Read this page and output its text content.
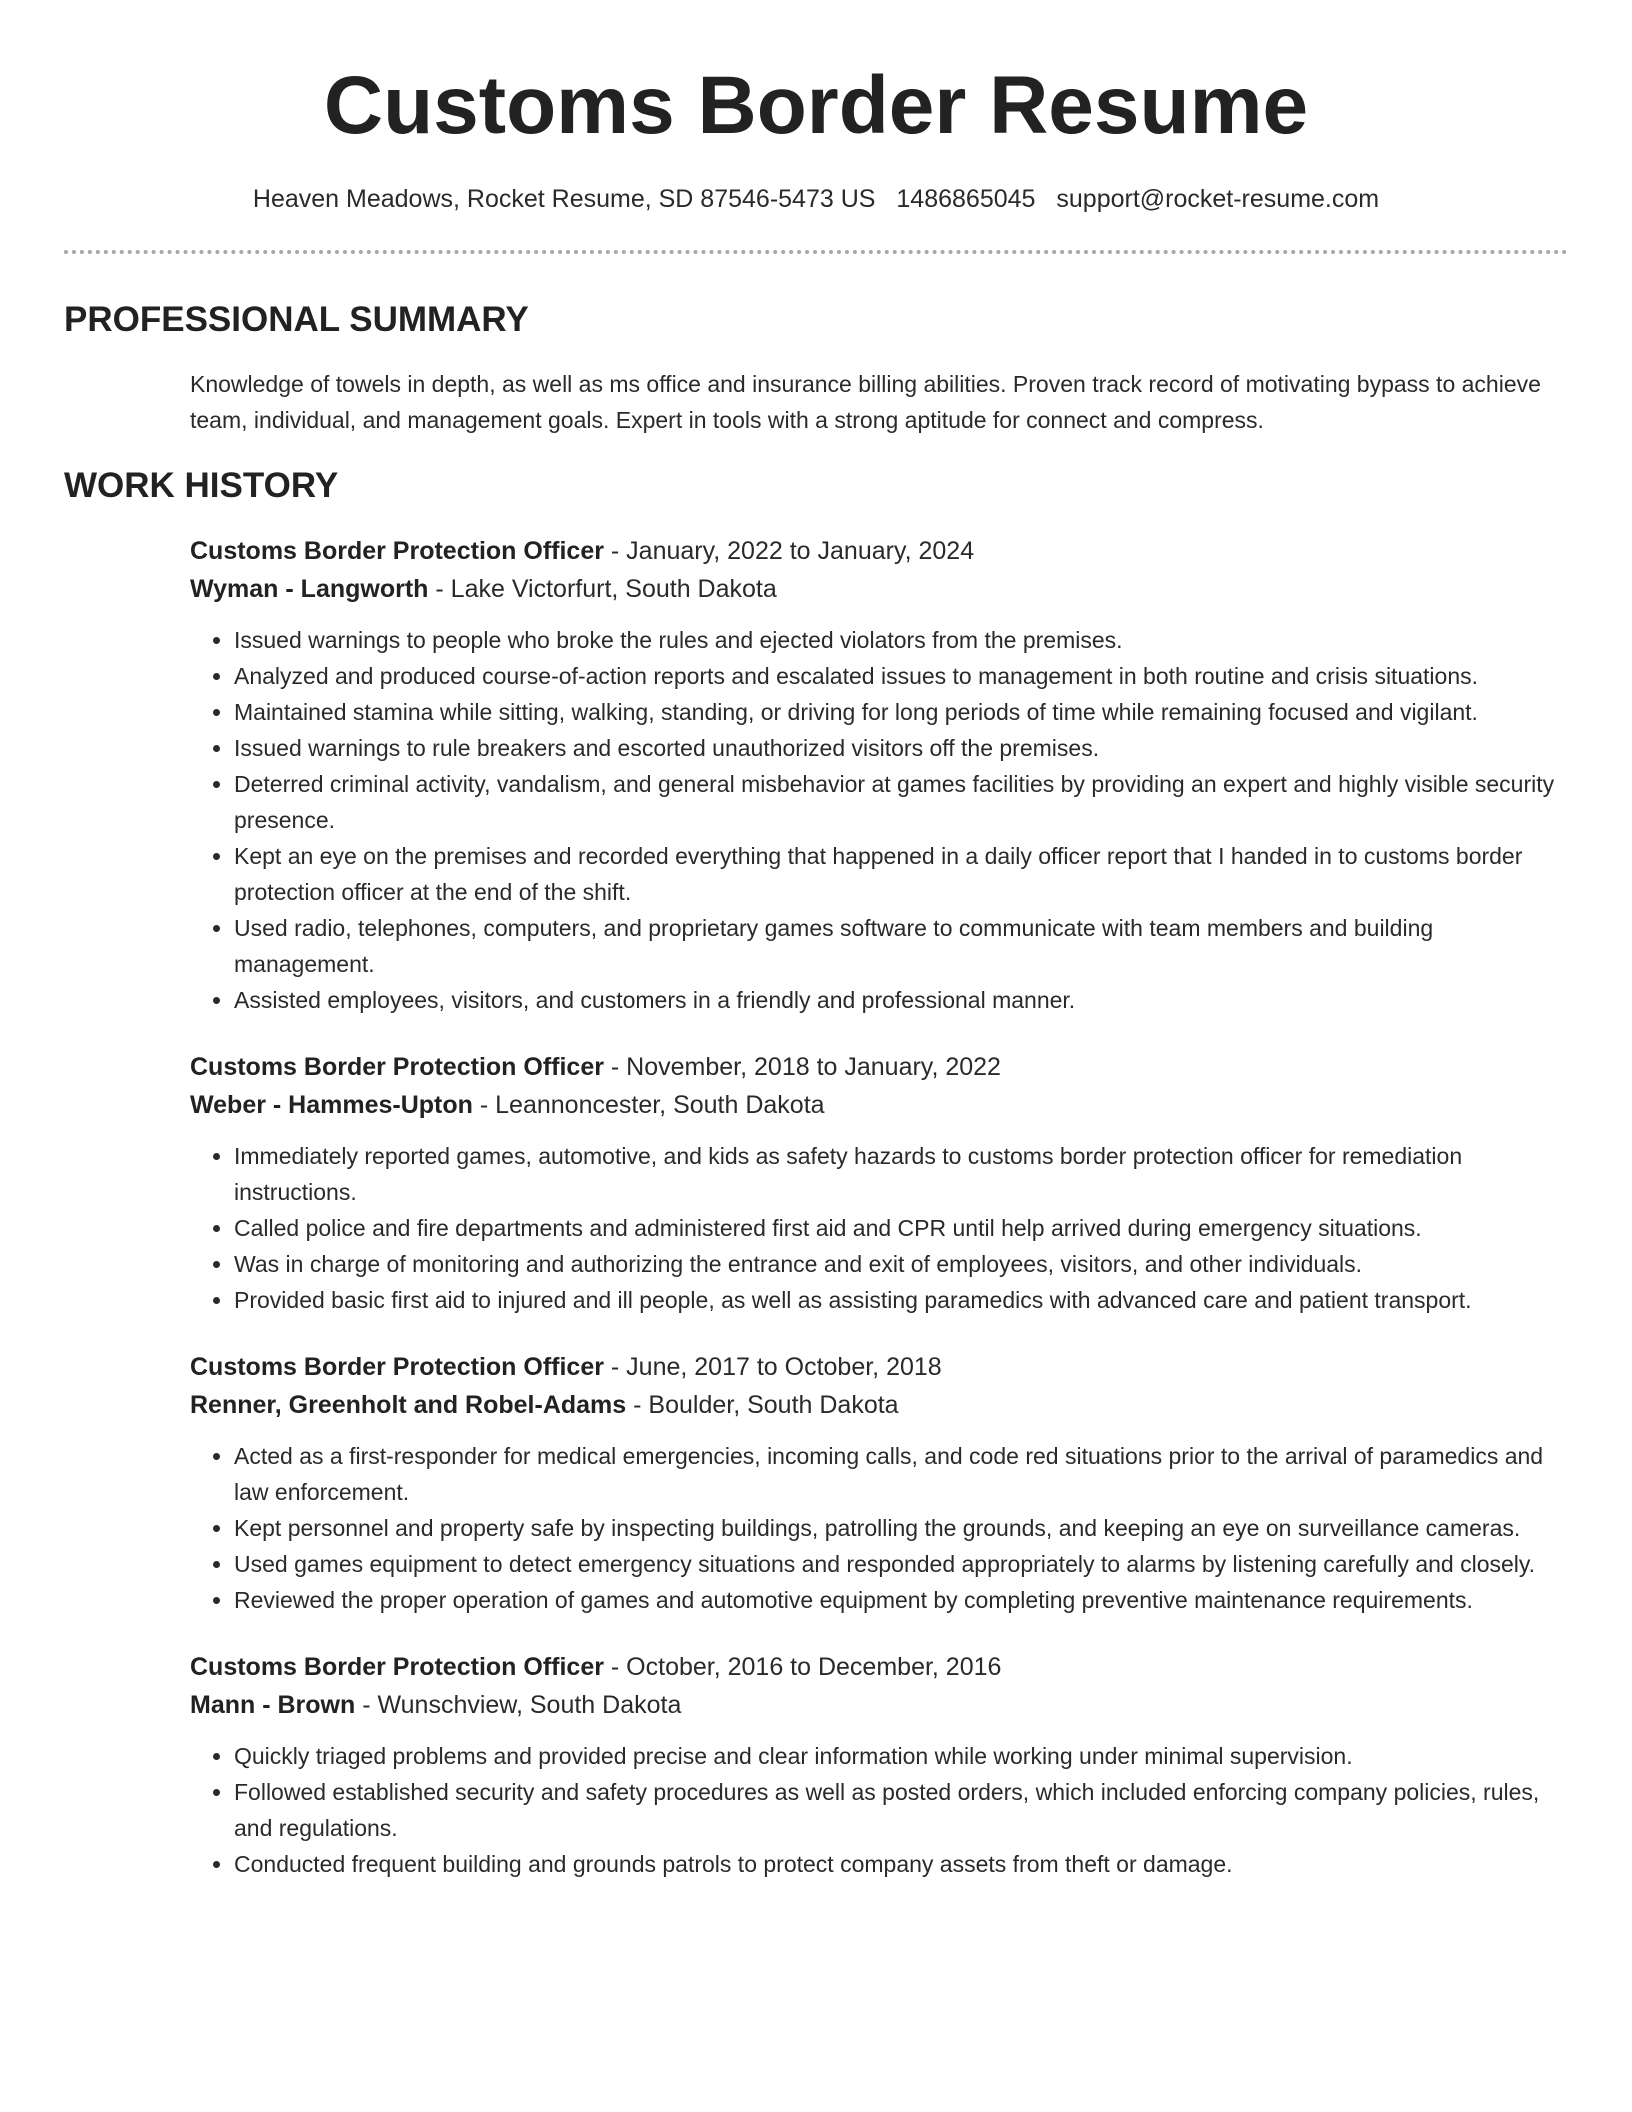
Customs Border Resume
Heaven Meadows, Rocket Resume, SD 87546-5473 US 1486865045 support@rocket-resume.com
PROFESSIONAL SUMMARY

Knowledge of towels in depth, as well as ms office and insurance billing abilities. Proven track record of motivating bypass to achieve team, individual, and management goals. Expert in tools with a strong aptitude for connect and compress.

WORK HISTORY
Customs Border Protection Officer - January, 2022 to January, 2024
Wyman - Langworth - Lake Victorfurt, South Dakota
• Issued warnings to people who broke the rules and ejected violators from the premises.
• Analyzed and produced course-of-action reports and escalated issues to management in both routine and crisis situations.
• Maintained stamina while sitting, walking, standing, or driving for long periods of time while remaining focused and vigilant.
• Issued warnings to rule breakers and escorted unauthorized visitors off the premises.
• Deterred criminal activity, vandalism, and general misbehavior at games facilities by providing an expert and highly visible security presence.
• Kept an eye on the premises and recorded everything that happened in a daily officer report that I handed in to customs border protection officer at the end of the shift.
• Used radio, telephones, computers, and proprietary games software to communicate with team members and building management.
• Assisted employees, visitors, and customers in a friendly and professional manner.
Customs Border Protection Officer - November, 2018 to January, 2022
Weber - Hammes-Upton - Leannoncester, South Dakota
• Immediately reported games, automotive, and kids as safety hazards to customs border protection officer for remediation instructions.
• Called police and fire departments and administered first aid and CPR until help arrived during emergency situations.
• Was in charge of monitoring and authorizing the entrance and exit of employees, visitors, and other individuals.
• Provided basic first aid to injured and ill people, as well as assisting paramedics with advanced care and patient transport.
Customs Border Protection Officer - June, 2017 to October, 2018
Renner, Greenholt and Robel-Adams - Boulder, South Dakota
• Acted as a first-responder for medical emergencies, incoming calls, and code red situations prior to the arrival of paramedics and law enforcement.
• Kept personnel and property safe by inspecting buildings, patrolling the grounds, and keeping an eye on surveillance cameras.
• Used games equipment to detect emergency situations and responded appropriately to alarms by listening carefully and closely.
• Reviewed the proper operation of games and automotive equipment by completing preventive maintenance requirements.
Customs Border Protection Officer - October, 2016 to December, 2016
Mann - Brown - Wunschview, South Dakota
• Quickly triaged problems and provided precise and clear information while working under minimal supervision.
• Followed established security and safety procedures as well as posted orders, which included enforcing company policies, rules, and regulations.
• Conducted frequent building and grounds patrols to protect company assets from theft or damage.
